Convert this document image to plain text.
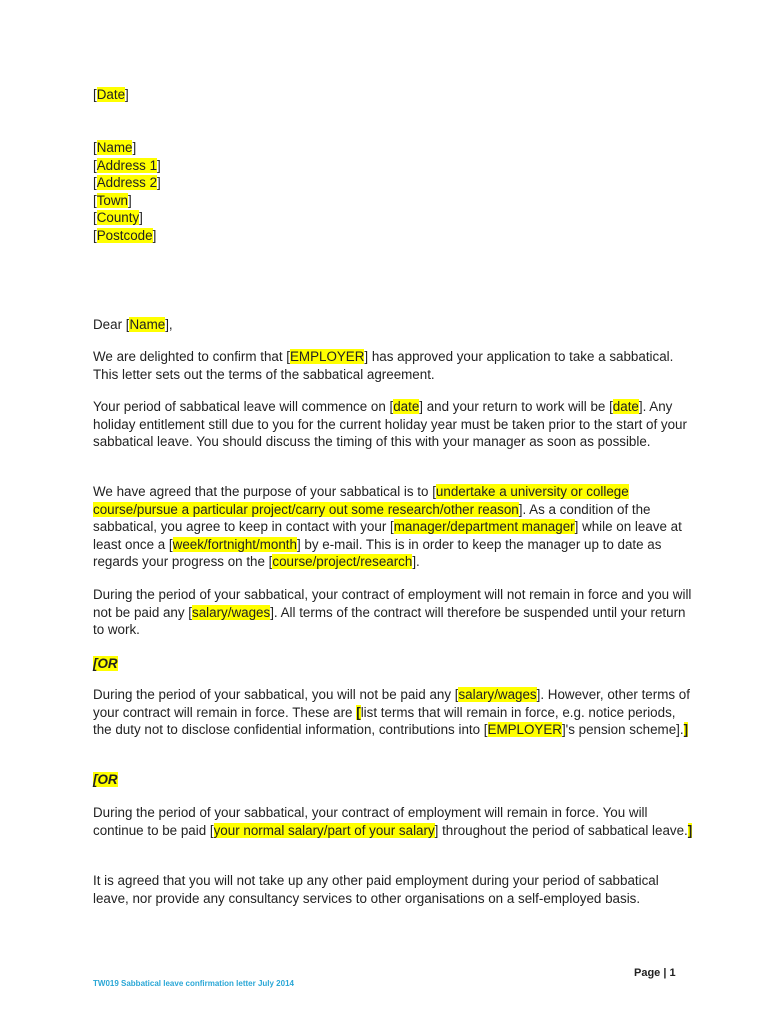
[Date]
[Name]
[Address 1]
[Address 2]
[Town]
[County]
[Postcode]
Dear [Name],

We are delighted to confirm that [EMPLOYER] has approved your application to take a sabbatical. This letter sets out the terms of the sabbatical agreement.

Your period of sabbatical leave will commence on [date] and your return to work will be [date]. Any holiday entitlement still due to you for the current holiday year must be taken prior to the start of your sabbatical leave. You should discuss the timing of this with your manager as soon as possible.

We have agreed that the purpose of your sabbatical is to [undertake a university or college course/pursue a particular project/carry out some research/other reason]. As a condition of the sabbatical, you agree to keep in contact with your [manager/department manager] while on leave at least once a [week/fortnight/month] by e-mail. This is in order to keep the manager up to date as regards your progress on the [course/project/research].

During the period of your sabbatical, your contract of employment will not remain in force and you will not be paid any [salary/wages]. All terms of the contract will therefore be suspended until your return to work.

[OR

During the period of your sabbatical, you will not be paid any [salary/wages]. However, other terms of your contract will remain in force. These are [list terms that will remain in force, e.g. notice periods, the duty not to disclose confidential information, contributions into [EMPLOYER]'s pension scheme].]

[OR

During the period of your sabbatical, your contract of employment will remain in force. You will continue to be paid [your normal salary/part of your salary] throughout the period of sabbatical leave.]

It is agreed that you will not take up any other paid employment during your period of sabbatical leave, nor provide any consultancy services to other organisations on a self-employed basis.

Page | 1
TW019 Sabbatical leave confirmation letter July 2014
